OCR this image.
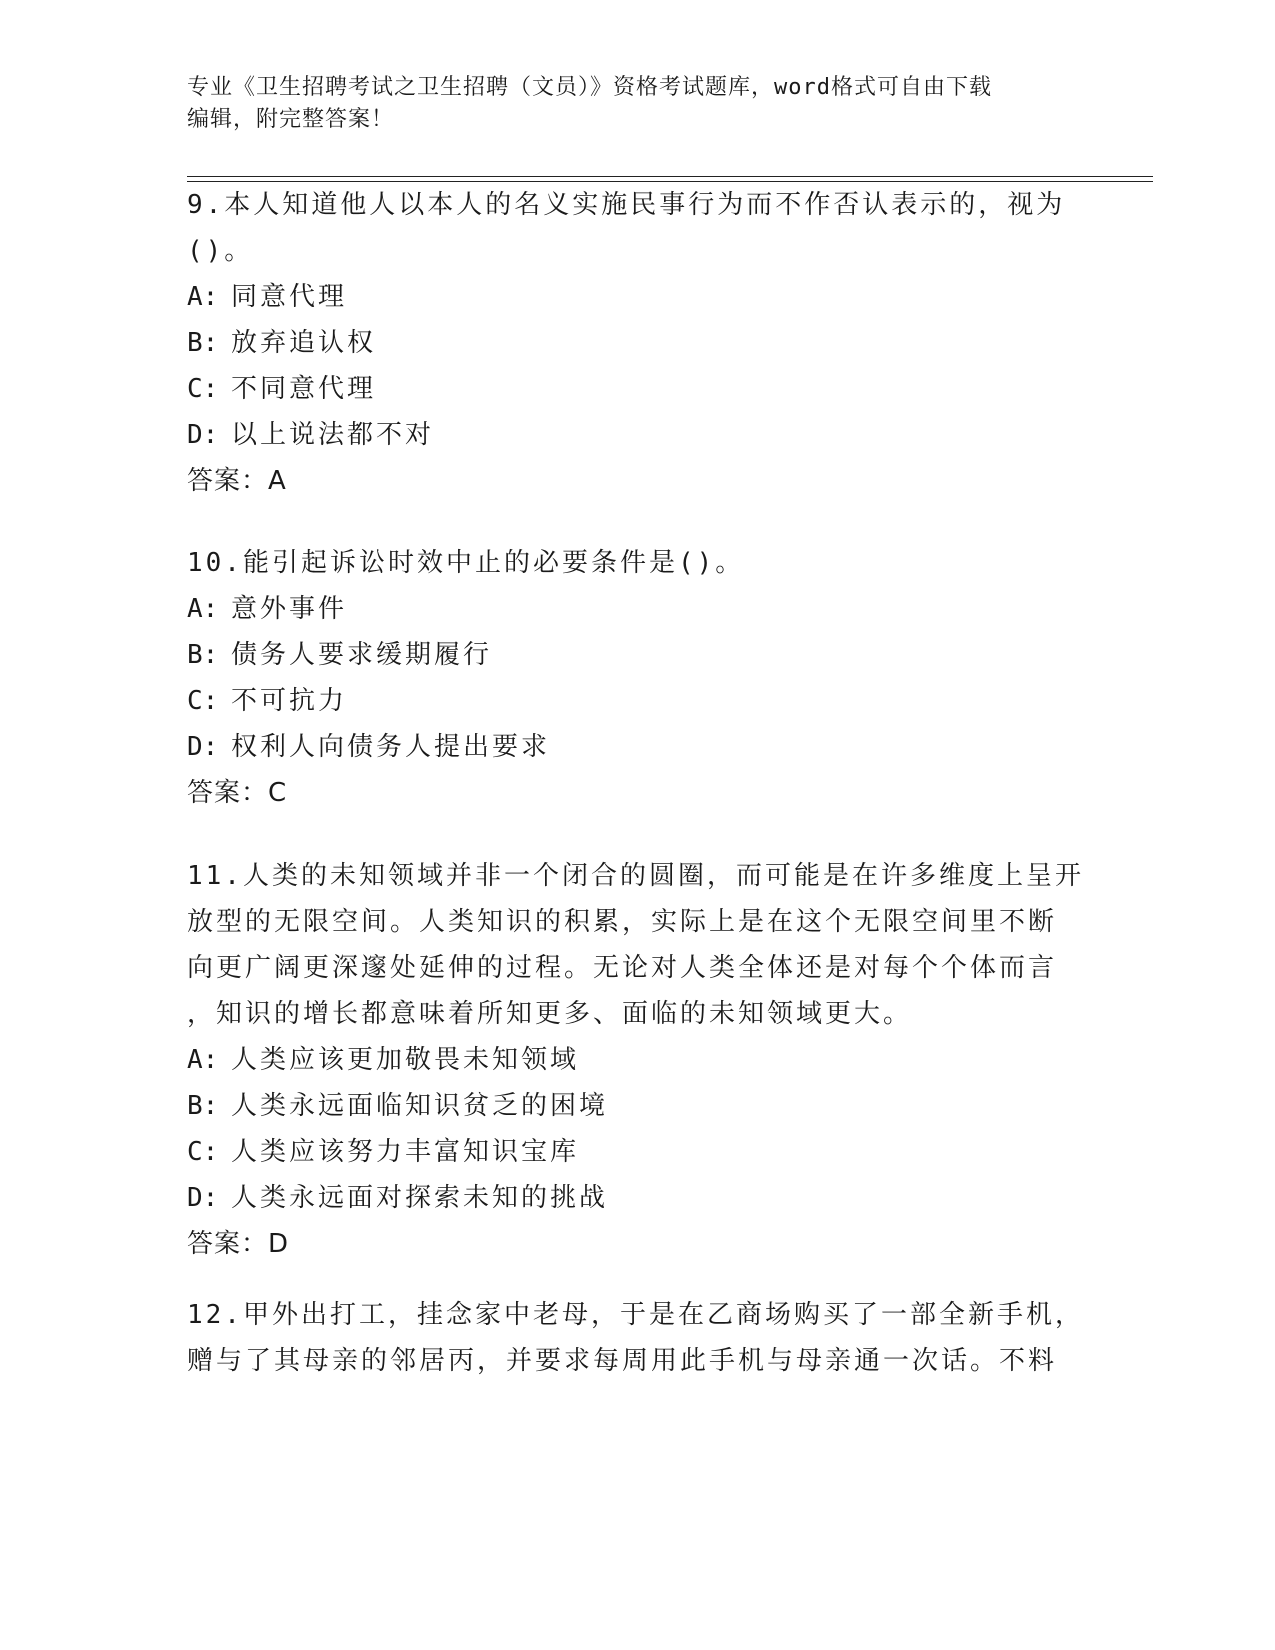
专业《卫生招聘考试之卫生招聘（文员）》资格考试题库，word格式可自由下载
编辑，附完整答案！

9.本人知道他人以本人的名义实施民事行为而不作否认表示的，视为

()。

A: 同意代理

B: 放弃追认权

C: 不同意代理

D: 以上说法都不对

答案：A

10.能引起诉讼时效中止的必要条件是()。

A: 意外事件

B: 债务人要求缓期履行

C: 不可抗力

D: 权利人向债务人提出要求

答案：C

11.人类的未知领域并非一个闭合的圆圈，而可能是在许多维度上呈开

放型的无限空间。人类知识的积累，实际上是在这个无限空间里不断

向更广阔更深邃处延伸的过程。无论对人类全体还是对每个个体而言

，知识的增长都意味着所知更多、面临的未知领域更大。

A: 人类应该更加敬畏未知领域

B: 人类永远面临知识贫乏的困境

C: 人类应该努力丰富知识宝库

D: 人类永远面对探索未知的挑战

答案：D

12.甲外出打工，挂念家中老母，于是在乙商场购买了一部全新手机，

赠与了其母亲的邻居丙，并要求每周用此手机与母亲通一次话。不料
